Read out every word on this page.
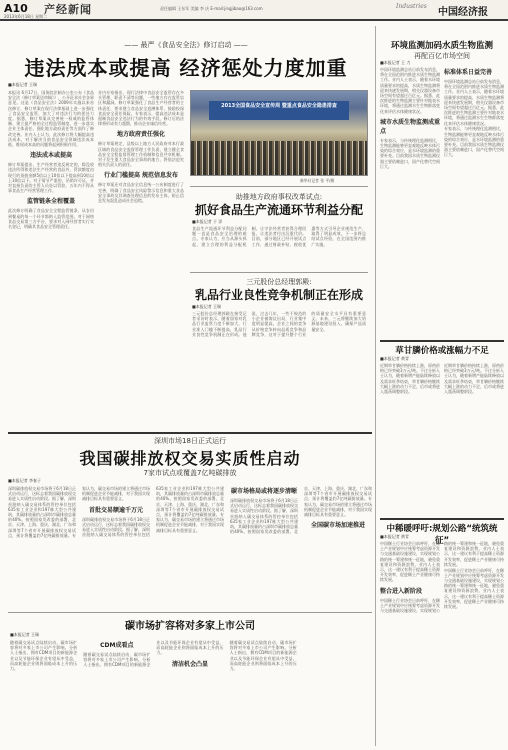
A10 产经新闻
2013年6月18日 星期二
责任编辑 王东军 美编 李 庆 E-mail:jingjibao@163.com	Industries
中国经济报
—— 最严《食品安全法》修订启动 ——
违法成本或提高 经济惩处力度加重
■本报记者 王瑞

本报讯 6月17日，国务院法制办公室公布《食品安全法（修订草案送审稿）》，公开征求社会各界意见。这是《食品安全法》2009年实施以来首次修订，修订草案在现行法律基础上进一步强化了食品安全监管，加大了对违法行为的惩处力度。据悉，修订草案从完善统一权威的监管体制、建立最严格的全过程监管制度、进一步落实企业主体责任、强化地方政府责任等方面作了修改完善。业内人士认为，此次修订将大幅提高违法成本，对于解决当前食品安全领域违法成本低、维权成本高的问题将起到积极作用。

违法成本或提高

修订草案提出，生产经营者违反规定的，除没收违法所得和违法生产经营的食品外，罚款额度由现行的货值金额5倍以上10倍以下提高到10倍以上30倍以下。对于情节严重的，吊销许可证，并对直接负责的主管人员处以罚款，五年内不得从事食品生产经营管理工作。

监管链条全程覆盖

此次修订明确了食品安全全程监管链条，从农田到餐桌的每一个环节都纳入监管范围。对于网络食品交易第三方平台，要求对入网经营者实行实名登记，明确其食品安全管理责任。

业内专家指出，现行法律中食品安全监管存在多头管理、职责不清等问题，一些地方存在监管盲区和漏洞。修订草案强化了食品生产经营者的主体责任，要求建立食品安全追溯体系，鼓励投保食品安全责任保险。专家表示，提高违法成本是遏制食品安全违法行为的有效手段，修订后的法律将形成有力震慑，推动企业诚信经营。

地方政府责任强化

修订草案规定，县级以上地方人民政府对本行政区域的食品安全监督管理工作负责，建立健全食品安全全程监督管理工作机制和信息共享机制。对于发生重大食品安全事故的地方，将依法追究相关负责人的责任。

行业门槛提高 规范信息发布

修订草案还对食品安全信息统一公布制度进行了完善，明确了食品安全风险警示信息和重大食品安全事故及其调查处理信息的发布主体，防止信息发布混乱造成社会恐慌。

2013全国食品安全宣传周 暨重点食品安全隐患排查
新华社记者 张 平/摄
助推地方政府事权改革试点:
抓好食品生产流通环节利益分配
■本报记者 于 洋
食品生产流通环节利益分配问题一直是食品安全治理的难点。专家认为，应当从源头抓起，建立合理的利益分配机制，让守法经营者获得合理回报，让违法者付出沉重代价。目前，部分地区已经开展试点工作，通过财政补贴、税收优惠等方式引导企业规范生产，取得了明显成效。下一步将总结试点经验，在全国范围内推广实施。
三元股份总经理郭殿:
乳品行业良性竞争机制正在形成
■本报记者 王瑞
三元股份总经理郭殿在接受记者采访时表示，随着国家对乳品行业监管力度不断加大，行业准入门槛不断提高，乳品行业良性竞争机制正在形成。他说，过去几年，一些不规范的小企业被淘汰出局，行业集中度明显提高。企业之间的竞争从价格竞争转向品质竞争和品牌竞争，这对于提升整个行业的质量安全水平具有重要意义。未来，三元将继续加大奶源基地建设投入，确保产品质量安全。
深圳市场18日正式运行
我国碳排放权交易实质性启动
7家市试点或覆盖7亿吨碳排放
■本报记者 李春子

深圳碳排放权交易市场将于6月18日正式启动运行，这标志着我国碳排放权交易进入实质性启动阶段。据了解，深圳首批纳入碳交易体系的管控单位包括635家工业企业和197栋大型公共建筑，其碳排放量约占深圳市碳排放总量的40%。按照国家发改委的部署，北京、天津、上海、重庆、湖北、广东和深圳等7个省市开展碳排放权交易试点，预计将覆盖约7亿吨碳排放量。专家认为，碳交易市场的建立将通过市场机制促进企业节能减排，对于我国实现减排目标具有重要意义。

首批交易额逾千万元

深圳碳排放权交易市场将于6月18日正式启动运行，这标志着我国碳排放权交易进入实质性启动阶段。据了解，深圳首批纳入碳交易体系的管控单位包括635家工业企业和197栋大型公共建筑，其碳排放量约占深圳市碳排放总量的40%。按照国家发改委的部署，北京、天津、上海、重庆、湖北、广东和深圳等7个省市开展碳排放权交易试点，预计将覆盖约7亿吨碳排放量。专家认为，碳交易市场的建立将通过市场机制促进企业节能减排，对于我国实现减排目标具有重要意义。

碳市场格局或将逐步清晰

深圳碳排放权交易市场将于6月18日正式启动运行，这标志着我国碳排放权交易进入实质性启动阶段。据了解，深圳首批纳入碳交易体系的管控单位包括635家工业企业和197栋大型公共建筑，其碳排放量约占深圳市碳排放总量的40%。按照国家发改委的部署，北京、天津、上海、重庆、湖北、广东和深圳等7个省市开展碳排放权交易试点，预计将覆盖约7亿吨碳排放量。专家认为，碳交易市场的建立将通过市场机制促进企业节能减排，对于我国实现减排目标具有重要意义。

全国碳市场加速推进
碳市场扩容将对多家上市公司
■本报记者 王瑞

随着碳交易试点陆续启动，碳市场扩容将对多家上市公司产生影响。分析人士指出，拥有CDM项目的新能源企业以及节能环保企业有望从中受益，而高耗能企业则将面临成本上升的压力。

CDM成看点

随着碳交易试点陆续启动，碳市场扩容将对多家上市公司产生影响。分析人士指出，拥有CDM项目的新能源企业以及节能环保企业有望从中受益，而高耗能企业则将面临成本上升的压力。

清洁机会凸显

随着碳交易试点陆续启动，碳市场扩容将对多家上市公司产生影响。分析人士指出，拥有CDM项目的新能源企业以及节能环保企业有望从中受益，而高耗能企业则将面临成本上升的压力。

环境监测加码水质生物监测
再配百亿市场空间
■本报记者 王 力

中国环境监测总站日前发布消息，将在全国范围内推进水质生物监测工作。业内人士表示，随着水环境质量要求的提高，水质生物监测将迎来快速发展期，相关仪器设备市场空间有望超过百亿元。据悉，此次推进的生物监测主要针对地表水环境，将通过监测水生生物群落变化来评估水体健康状况。

城市水质生物监测成重点

专家表示，与传统理化监测相比，生物监测能够更直观地反映水体污染的综合效应，是水环境监测的重要补充。目前我国水质生物监测仪器主要依赖进口，国产化替代空间巨大。

标准体系日益完善

中国环境监测总站日前发布消息，将在全国范围内推进水质生物监测工作。业内人士表示，随着水环境质量要求的提高，水质生物监测将迎来快速发展期，相关仪器设备市场空间有望超过百亿元。据悉，此次推进的生物监测主要针对地表水环境，将通过监测水生生物群落变化来评估水体健康状况。

专家表示，与传统理化监测相比，生物监测能够更直观地反映水体污染的综合效应，是水环境监测的重要补充。目前我国水质生物监测仪器主要依赖进口，国产化替代空间巨大。

草甘膦价格或涨幅力不足
■本报记者 黄青

近期草甘膦价格持续上涨，原药价格已经突破3万元/吨。不过分析人士认为，随着新增产能陆续释放以及需求旺季结束，草甘膦价格继续大幅上涨的动力不足，后市或将进入震荡调整阶段。

近期草甘膦价格持续上涨，原药价格已经突破3万元/吨。不过分析人士认为，随着新增产能陆续释放以及需求旺季结束，草甘膦价格继续大幅上涨的动力不足，后市或将进入震荡调整阶段。

中稀暖呼吁:规划公路“统筑统征”
■本报记者 黄青

中国稀土行业协会日前呼吁，在稀土产业规划中应统筹考虑资源开发与交通基础设施建设，实现规划公路的统一筹建和统一征地，避免重复建设和资源浪费。业内人士表示，这一建议有利于提高稀土资源开发效率，促进稀土产业健康可持续发展。

整合进入新阶段

中国稀土行业协会日前呼吁，在稀土产业规划中应统筹考虑资源开发与交通基础设施建设，实现规划公路的统一筹建和统一征地，避免重复建设和资源浪费。业内人士表示，这一建议有利于提高稀土资源开发效率，促进稀土产业健康可持续发展。

中国稀土行业协会日前呼吁，在稀土产业规划中应统筹考虑资源开发与交通基础设施建设，实现规划公路的统一筹建和统一征地，避免重复建设和资源浪费。业内人士表示，这一建议有利于提高稀土资源开发效率，促进稀土产业健康可持续发展。
